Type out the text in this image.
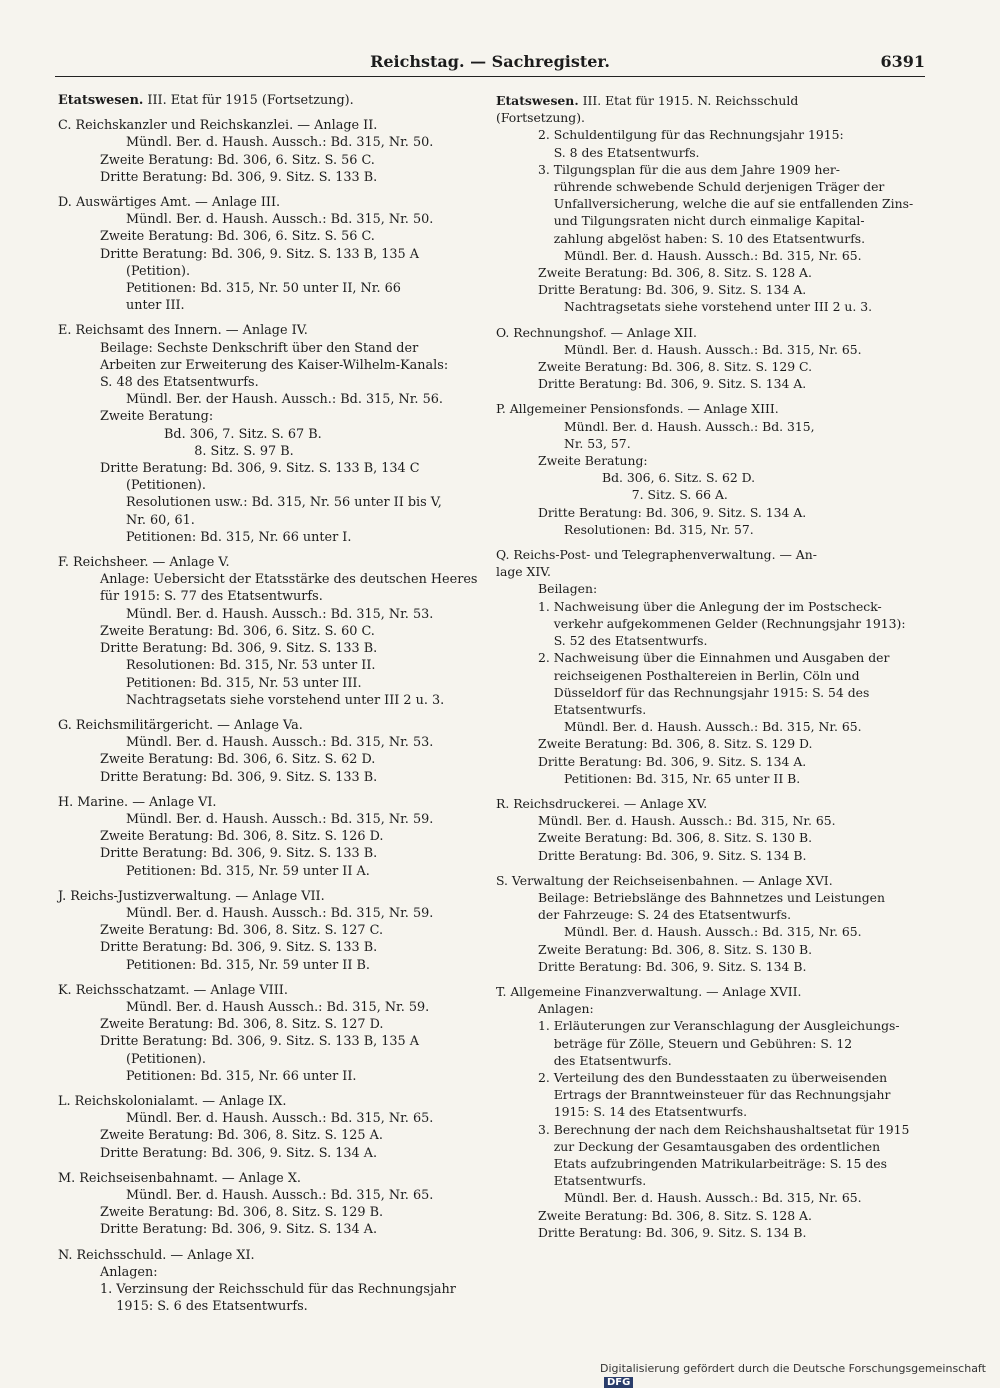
Reichstag. — Sachregister.	6391
Etatswesen. III. Etat für 1915 (Fortsetzung).
C. Reichskanzler und Reichskanzlei. — Anlage II.
Mündl. Ber. d. Haush. Aussch.: Bd. 315, Nr. 50.
Zweite Beratung: Bd. 306, 6. Sitz. S. 56 C.
Dritte Beratung: Bd. 306, 9. Sitz. S. 133 B.
D. Auswärtiges Amt. — Anlage III.
Mündl. Ber. d. Haush. Aussch.: Bd. 315, Nr. 50.
Zweite Beratung: Bd. 306, 6. Sitz. S. 56 C.
Dritte Beratung: Bd. 306, 9. Sitz. S. 133 B, 135 A
(Petition).
Petitionen: Bd. 315, Nr. 50 unter II, Nr. 66
unter III.
E. Reichsamt des Innern. — Anlage IV.
Beilage: Sechste Denkschrift über den Stand der
Arbeiten zur Erweiterung des Kaiser-Wilhelm-Kanals:
S. 48 des Etatsentwurfs.
Mündl. Ber. der Haush. Aussch.: Bd. 315, Nr. 56.
Zweite Beratung:
Bd. 306, 7. Sitz. S. 67 B.
8. Sitz. S. 97 B.
Dritte Beratung: Bd. 306, 9. Sitz. S. 133 B, 134 C
(Petitionen).
Resolutionen usw.: Bd. 315, Nr. 56 unter II bis V,
Nr. 60, 61.
Petitionen: Bd. 315, Nr. 66 unter I.
F. Reichsheer. — Anlage V.
Anlage: Uebersicht der Etatsstärke des deutschen Heeres
für 1915: S. 77 des Etatsentwurfs.
Mündl. Ber. d. Haush. Aussch.: Bd. 315, Nr. 53.
Zweite Beratung: Bd. 306, 6. Sitz. S. 60 C.
Dritte Beratung: Bd. 306, 9. Sitz. S. 133 B.
Resolutionen: Bd. 315, Nr. 53 unter II.
Petitionen: Bd. 315, Nr. 53 unter III.
Nachtragsetats siehe vorstehend unter III 2 u. 3.
G. Reichsmilitärgericht. — Anlage Va.
Mündl. Ber. d. Haush. Aussch.: Bd. 315, Nr. 53.
Zweite Beratung: Bd. 306, 6. Sitz. S. 62 D.
Dritte Beratung: Bd. 306, 9. Sitz. S. 133 B.
H. Marine. — Anlage VI.
Mündl. Ber. d. Haush. Aussch.: Bd. 315, Nr. 59.
Zweite Beratung: Bd. 306, 8. Sitz. S. 126 D.
Dritte Beratung: Bd. 306, 9. Sitz. S. 133 B.
Petitionen: Bd. 315, Nr. 59 unter II A.
J. Reichs-Justizverwaltung. — Anlage VII.
Mündl. Ber. d. Haush. Aussch.: Bd. 315, Nr. 59.
Zweite Beratung: Bd. 306, 8. Sitz. S. 127 C.
Dritte Beratung: Bd. 306, 9. Sitz. S. 133 B.
Petitionen: Bd. 315, Nr. 59 unter II B.
K. Reichsschatzamt. — Anlage VIII.
Mündl. Ber. d. Haush Aussch.: Bd. 315, Nr. 59.
Zweite Beratung: Bd. 306, 8. Sitz. S. 127 D.
Dritte Beratung: Bd. 306, 9. Sitz. S. 133 B, 135 A
(Petitionen).
Petitionen: Bd. 315, Nr. 66 unter II.
L. Reichskolonialamt. — Anlage IX.
Mündl. Ber. d. Haush. Aussch.: Bd. 315, Nr. 65.
Zweite Beratung: Bd. 306, 8. Sitz. S. 125 A.
Dritte Beratung: Bd. 306, 9. Sitz. S. 134 A.
M. Reichseisenbahnamt. — Anlage X.
Mündl. Ber. d. Haush. Aussch.: Bd. 315, Nr. 65.
Zweite Beratung: Bd. 306, 8. Sitz. S. 129 B.
Dritte Beratung: Bd. 306, 9. Sitz. S. 134 A.
N. Reichsschuld. — Anlage XI.
Anlagen:
1. Verzinsung der Reichsschuld für das Rechnungsjahr
1915: S. 6 des Etatsentwurfs.
Etatswesen. III. Etat für 1915. N. Reichsschuld
(Fortsetzung).
2. Schuldentilgung für das Rechnungsjahr 1915:
S. 8 des Etatsentwurfs.
3. Tilgungsplan für die aus dem Jahre 1909 her-
rührende schwebende Schuld derjenigen Träger der
Unfallversicherung, welche die auf sie entfallenden Zins-
und Tilgungsraten nicht durch einmalige Kapital-
zahlung abgelöst haben: S. 10 des Etatsentwurfs.
Mündl. Ber. d. Haush. Aussch.: Bd. 315, Nr. 65.
Zweite Beratung: Bd. 306, 8. Sitz. S. 128 A.
Dritte Beratung: Bd. 306, 9. Sitz. S. 134 A.
Nachtragsetats siehe vorstehend unter III 2 u. 3.
O. Rechnungshof. — Anlage XII.
Mündl. Ber. d. Haush. Aussch.: Bd. 315, Nr. 65.
Zweite Beratung: Bd. 306, 8. Sitz. S. 129 C.
Dritte Beratung: Bd. 306, 9. Sitz. S. 134 A.
P. Allgemeiner Pensionsfonds. — Anlage XIII.
Mündl. Ber. d. Haush. Aussch.: Bd. 315,
Nr. 53, 57.
Zweite Beratung:
Bd. 306, 6. Sitz. S. 62 D.
7. Sitz. S. 66 A.
Dritte Beratung: Bd. 306, 9. Sitz. S. 134 A.
Resolutionen: Bd. 315, Nr. 57.
Q. Reichs-Post- und Telegraphenverwaltung. — An-
lage XIV.
Beilagen:
1. Nachweisung über die Anlegung der im Postscheck-
verkehr aufgekommenen Gelder (Rechnungsjahr 1913):
S. 52 des Etatsentwurfs.
2. Nachweisung über die Einnahmen und Ausgaben der
reichseigenen Posthaltereien in Berlin, Cöln und
Düsseldorf für das Rechnungsjahr 1915: S. 54 des
Etatsentwurfs.
Mündl. Ber. d. Haush. Aussch.: Bd. 315, Nr. 65.
Zweite Beratung: Bd. 306, 8. Sitz. S. 129 D.
Dritte Beratung: Bd. 306, 9. Sitz. S. 134 A.
Petitionen: Bd. 315, Nr. 65 unter II B.
R. Reichsdruckerei. — Anlage XV.
Mündl. Ber. d. Haush. Aussch.: Bd. 315, Nr. 65.
Zweite Beratung: Bd. 306, 8. Sitz. S. 130 B.
Dritte Beratung: Bd. 306, 9. Sitz. S. 134 B.
S. Verwaltung der Reichseisenbahnen. — Anlage XVI.
Beilage: Betriebslänge des Bahnnetzes und Leistungen
der Fahrzeuge: S. 24 des Etatsentwurfs.
Mündl. Ber. d. Haush. Aussch.: Bd. 315, Nr. 65.
Zweite Beratung: Bd. 306, 8. Sitz. S. 130 B.
Dritte Beratung: Bd. 306, 9. Sitz. S. 134 B.
T. Allgemeine Finanzverwaltung. — Anlage XVII.
Anlagen:
1. Erläuterungen zur Veranschlagung der Ausgleichungs-
beträge für Zölle, Steuern und Gebühren: S. 12
des Etatsentwurfs.
2. Verteilung des den Bundesstaaten zu überweisenden
Ertrags der Branntweinsteuer für das Rechnungsjahr
1915: S. 14 des Etatsentwurfs.
3. Berechnung der nach dem Reichshaushaltsetat für 1915
zur Deckung der Gesamtausgaben des ordentlichen
Etats aufzubringenden Matrikularbeiträge: S. 15 des
Etatsentwurfs.
Mündl. Ber. d. Haush. Aussch.: Bd. 315, Nr. 65.
Zweite Beratung: Bd. 306, 8. Sitz. S. 128 A.
Dritte Beratung: Bd. 306, 9. Sitz. S. 134 B.
Digitalisierung gefördert durch die Deutsche Forschungsgemeinschaft DFG
